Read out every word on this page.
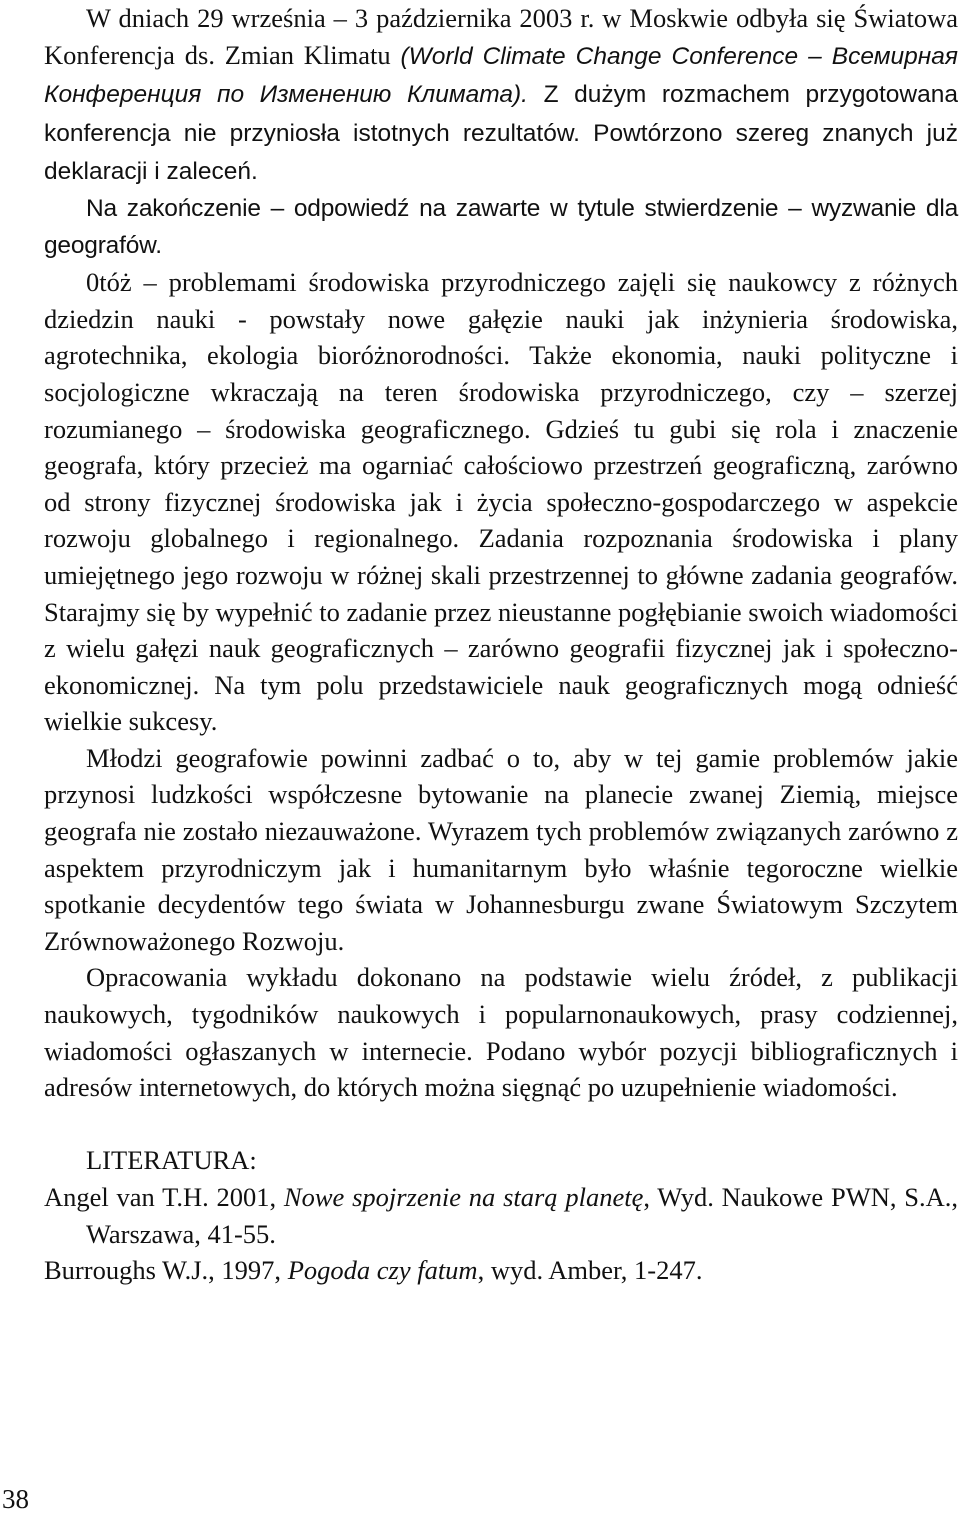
W dniach 29 września – 3 października 2003 r. w Moskwie odbyła się Światowa Konferencja ds. Zmian Klimatu (World Climate Change Conference – Всемирная Конференция по Изменению Климата). Z dużym rozmachem przygotowana konferencja nie przyniosła istotnych rezultatów. Powtórzono szereg znanych już deklaracji i zaleceń.

Na zakończenie – odpowiedź na zawarte w tytule stwierdzenie – wyzwanie dla geografów.

0tóż – problemami środowiska przyrodniczego zajęli się naukowcy z różnych dziedzin nauki - powstały nowe gałęzie nauki jak inżynieria środowiska, agrotechnika, ekologia bioróżnorodności. Także ekonomia, nauki polityczne i socjologiczne wkraczają na teren środowiska przyrodniczego, czy – szerzej rozumianego – środowiska geograficznego. Gdzieś tu gubi się rola i znaczenie geografa, który przecież ma ogarniać całościowo przestrzeń geograficzną, zarówno od strony fizycznej środowiska jak i życia społeczno-gospodarczego w aspekcie rozwoju globalnego i regionalnego. Zadania rozpoznania środowiska i plany umiejętnego jego rozwoju w różnej skali przestrzennej to główne zadania geografów. Starajmy się by wypełnić to zadanie przez nieustanne pogłębianie swoich wiadomości z wielu gałęzi nauk geograficznych – zarówno geografii fizycznej jak i społeczno-ekonomicznej. Na tym polu przedstawiciele nauk geograficznych mogą odnieść wielkie sukcesy.

Młodzi geografowie powinni zadbać o to, aby w tej gamie problemów jakie przynosi ludzkości współczesne bytowanie na planecie zwanej Ziemią, miejsce geografa nie zostało niezauważone. Wyrazem tych problemów związanych zarówno z aspektem przyrodniczym jak i humanitarnym było właśnie tegoroczne wielkie spotkanie decydentów tego świata w Johannesburgu zwane Światowym Szczytem Zrównoważonego Rozwoju.

Opracowania wykładu dokonano na podstawie wielu źródeł, z publikacji naukowych, tygodników naukowych i popularnonaukowych, prasy codziennej, wiadomości ogłaszanych w internecie. Podano wybór pozycji bibliograficznych i adresów internetowych, do których można sięgnąć po uzupełnienie wiadomości.

LITERATURA:

Angel van T.H. 2001, Nowe spojrzenie na starą planetę, Wyd. Naukowe PWN, S.A., Warszawa, 41-55.

Burroughs W.J., 1997, Pogoda czy fatum, wyd. Amber, 1-247.

38
